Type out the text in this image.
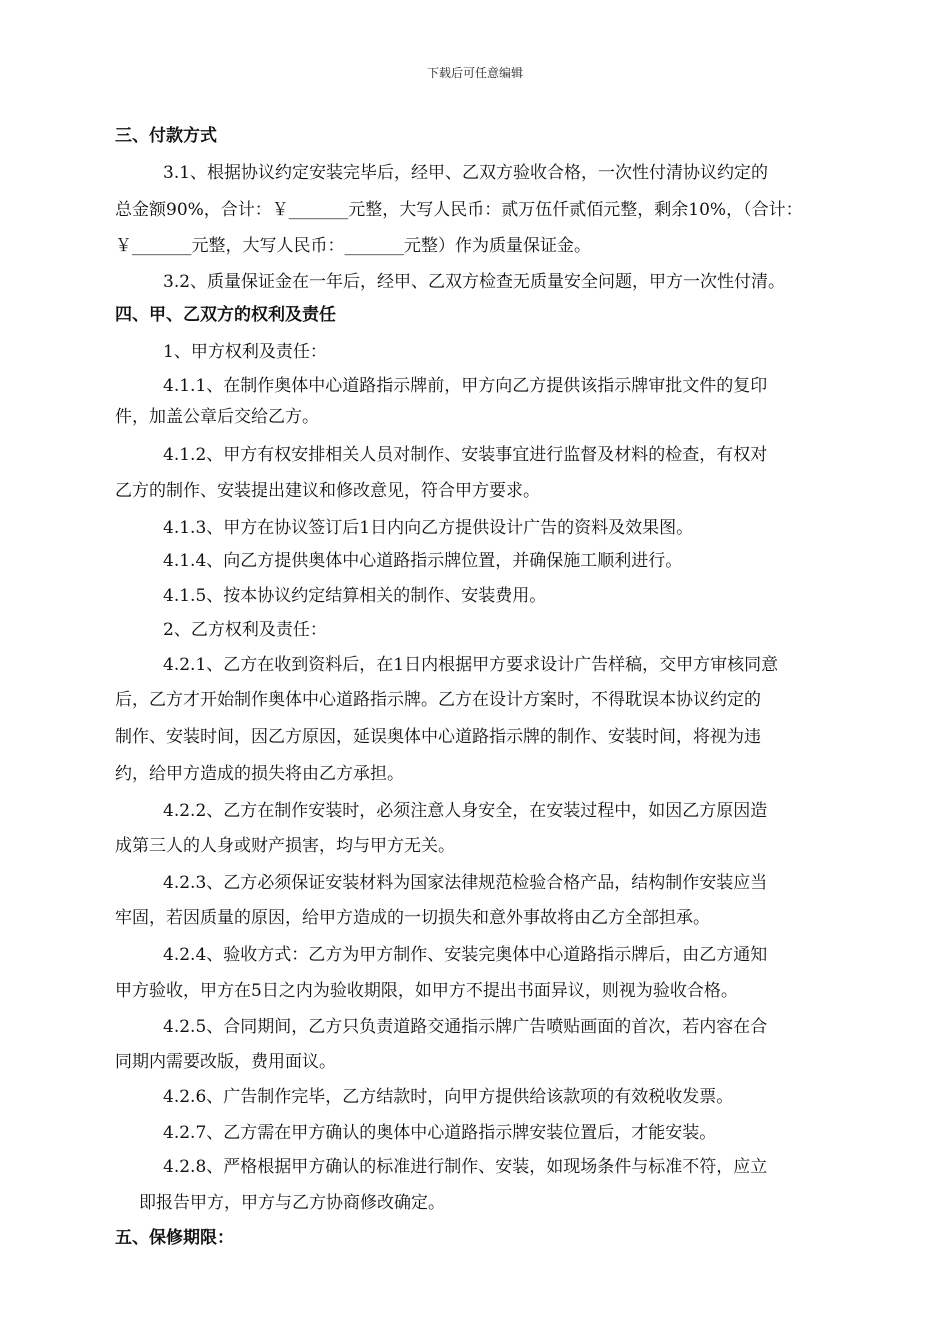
下载后可任意编辑
三、付款方式
3.1、根据协议约定安装完毕后，经甲、乙双方验收合格，一次性付清协议约定的
总金额90%，合计：￥_______元整，大写人民币：贰万伍仟贰佰元整，剩余10%，（合计：
￥_______元整，大写人民币：_______元整）作为质量保证金。
3.2、质量保证金在一年后，经甲、乙双方检查无质量安全问题，甲方一次性付清。
四、甲、乙双方的权利及责任
1、甲方权利及责任：
4.1.1、在制作奥体中心道路指示牌前，甲方向乙方提供该指示牌审批文件的复印
件，加盖公章后交给乙方。
4.1.2、甲方有权安排相关人员对制作、安装事宜进行监督及材料的检查，有权对
乙方的制作、安装提出建议和修改意见，符合甲方要求。
4.1.3、甲方在协议签订后1日内向乙方提供设计广告的资料及效果图。
4.1.4、向乙方提供奥体中心道路指示牌位置，并确保施工顺利进行。
4.1.5、按本协议约定结算相关的制作、安装费用。
2、乙方权利及责任：
4.2.1、乙方在收到资料后，在1日内根据甲方要求设计广告样稿，交甲方审核同意
后，乙方才开始制作奥体中心道路指示牌。乙方在设计方案时，不得耽误本协议约定的
制作、安装时间，因乙方原因，延误奥体中心道路指示牌的制作、安装时间，将视为违
约，给甲方造成的损失将由乙方承担。
4.2.2、乙方在制作安装时，必须注意人身安全，在安装过程中，如因乙方原因造
成第三人的人身或财产损害，均与甲方无关。
4.2.3、乙方必须保证安装材料为国家法律规范检验合格产品，结构制作安装应当
牢固，若因质量的原因，给甲方造成的一切损失和意外事故将由乙方全部担承。
4.2.4、验收方式：乙方为甲方制作、安装完奥体中心道路指示牌后，由乙方通知
甲方验收，甲方在5日之内为验收期限，如甲方不提出书面异议，则视为验收合格。
4.2.5、合同期间，乙方只负责道路交通指示牌广告喷贴画面的首次，若内容在合
同期内需要改版，费用面议。
4.2.6、广告制作完毕，乙方结款时，向甲方提供给该款项的有效税收发票。
4.2.7、乙方需在甲方确认的奥体中心道路指示牌安装位置后，才能安装。
4.2.8、严格根据甲方确认的标准进行制作、安装，如现场条件与标准不符，应立
即报告甲方，甲方与乙方协商修改确定。
五、保修期限：
